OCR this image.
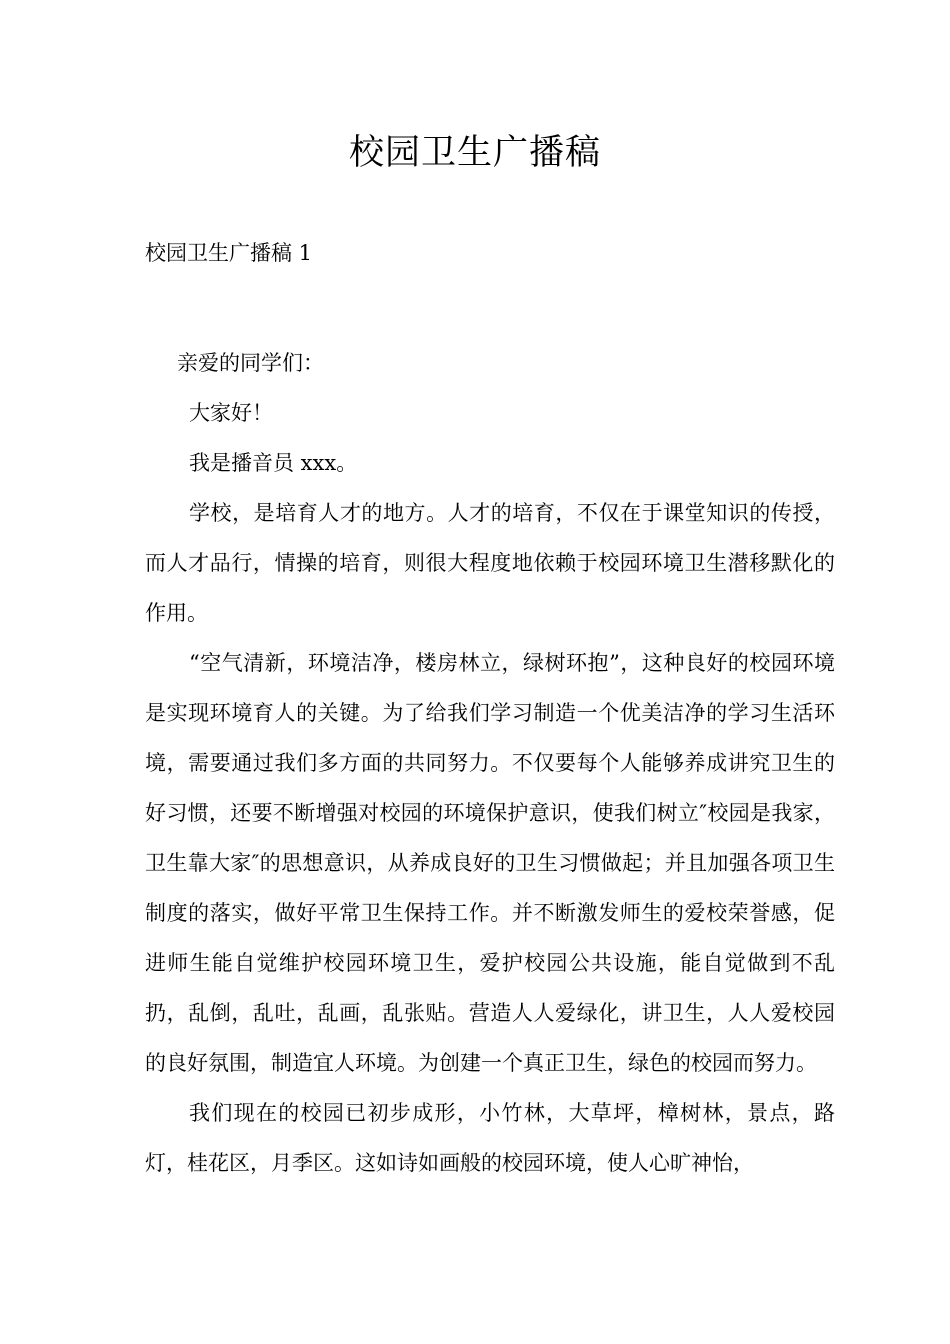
校园卫生广播稿

校园卫生广播稿 1

亲爱的同学们：

大家好！

我是播音员 xxx。

学校，是培育人才的地方。人才的培育，不仅在于课堂知识的传授，而人才品行，情操的培育，则很大程度地依赖于校园环境卫生潜移默化的作用。

“空气清新，环境洁净，楼房林立，绿树环抱”，这种良好的校园环境是实现环境育人的关键。为了给我们学习制造一个优美洁净的学习生活环境，需要通过我们多方面的共同努力。不仅要每个人能够养成讲究卫生的好习惯，还要不断增强对校园的环境保护意识，使我们树立″校园是我家，卫生靠大家″的思想意识，从养成良好的卫生习惯做起；并且加强各项卫生制度的落实，做好平常卫生保持工作。并不断激发师生的爱校荣誉感，促进师生能自觉维护校园环境卫生，爱护校园公共设施，能自觉做到不乱扔，乱倒，乱吐，乱画，乱张贴。营造人人爱绿化，讲卫生，人人爱校园的良好氛围，制造宜人环境。为创建一个真正卫生，绿色的校园而努力。

我们现在的校园已初步成形，小竹林，大草坪，樟树林，景点，路灯，桂花区，月季区。这如诗如画般的校园环境，使人心旷神怡，
